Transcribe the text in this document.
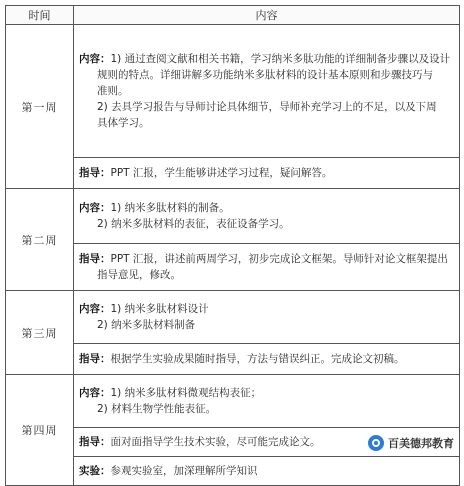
时间	内容
第一周	内容：1) 通过查阅文献和相关书籍，学习纳米多肽功能的详细制备步骤以及设计
规则的特点。详细讲解多功能纳米多肽材料的设计基本原则和步骤技巧与
准则。
2) 去具学习报告与导师讨论具体细节，导师补充学习上的不足，以及下周
具体学习。

	指导：PPT 汇报，学生能够讲述学习过程，疑问解答。

第二周	内容：1) 纳米多肽材料的制备。
2) 纳米多肽材料的表征，表征设备学习。

	指导：PPT 汇报，讲述前两周学习，初步完成论文框架。导师针对论文框架提出
指导意见，修改。

第三周	内容：1) 纳米多肽材料设计
2) 纳米多肽材料制备

	指导：根据学生实验成果随时指导，方法与错误纠正。完成论文初稿。

第四周	内容：1) 纳米多肽材料微观结构表征；
2) 材料生物学性能表征。

	指导：面对面指导学生技术实验，尽可能完成论文。

	实验：参观实验室，加深理解所学知识
百美德邦教育
